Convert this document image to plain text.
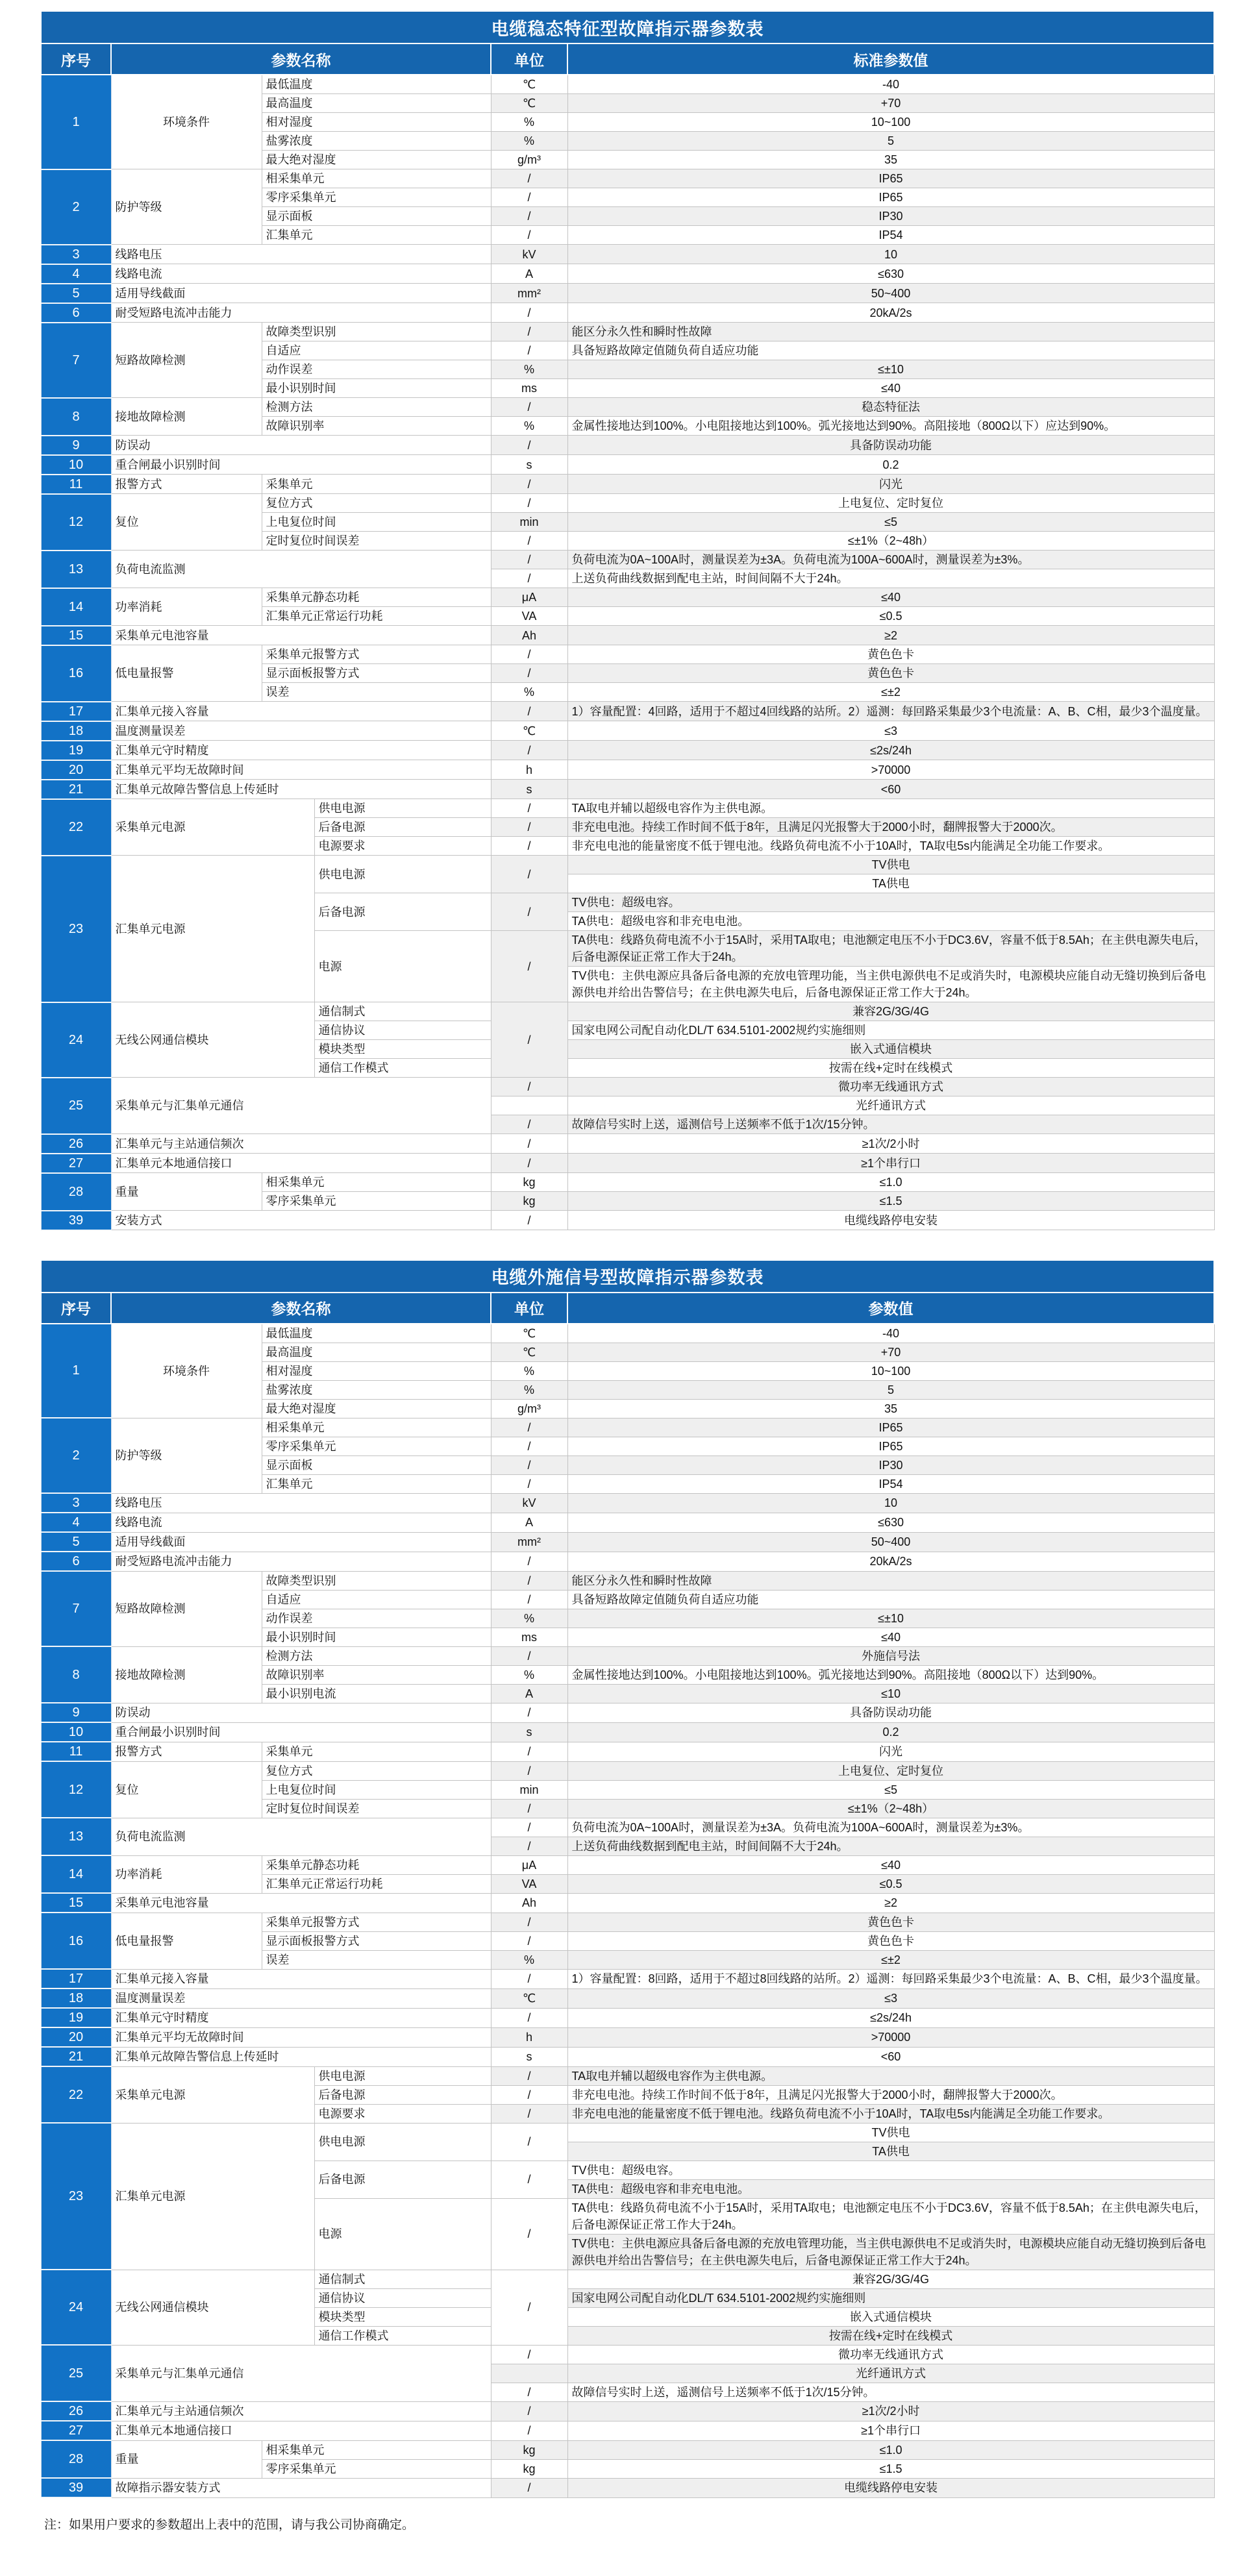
电缆稳态特征型故障指示器参数表					
序号	参数名称			单位	标准参数值
1	环境条件	最低温度		℃	-40
		最高温度		℃	+70
		相对湿度		%	10~100
		盐雾浓度		%	5
		最大绝对湿度		g/m³	35
2	防护等级	相采集单元		/	IP65
		零序采集单元		/	IP65
		显示面板		/	IP30
		汇集单元		/	IP54
3	线路电压			kV	10
4	线路电流			A	≤630
5	适用导线截面			mm²	50~400
6	耐受短路电流冲击能力			/	20kA/2s
7	短路故障检测	故障类型识别		/	能区分永久性和瞬时性故障
		自适应		/	具备短路故障定值随负荷自适应功能
		动作误差		%	≤±10
		最小识别时间		ms	≤40
8	接地故障检测	检测方法		/	稳态特征法
		故障识别率		%	金属性接地达到100%。小电阻接地达到100%。弧光接地达到90%。高阻接地（800Ω以下）应达到90%。
9	防误动			/	具备防误动功能
10	重合闸最小识别时间			s	0.2
11	报警方式	采集单元		/	闪光
12	复位	复位方式		/	上电复位、定时复位
		上电复位时间		min	≤5
		定时复位时间误差		/	≤±1%（2~48h）
13	负荷电流监测			/	负荷电流为0A~100A时，测量误差为±3A。负荷电流为100A~600A时，测量误差为±3%。
				/	上送负荷曲线数据到配电主站，时间间隔不大于24h。
14	功率消耗	采集单元静态功耗		μA	≤40
		汇集单元正常运行功耗		VA	≤0.5
15	采集单元电池容量			Ah	≥2
16	低电量报警	采集单元报警方式		/	黄色色卡
		显示面板报警方式		/	黄色色卡
		误差		%	≤±2
17	汇集单元接入容量			/	1）容量配置：4回路，适用于不超过4回线路的站所。2）遥测：每回路采集最少3个电流量：A、B、C相，最少3个温度量。
18	温度测量误差			℃	≤3
19	汇集单元守时精度			/	≤2s/24h
20	汇集单元平均无故障时间			h	>70000
21	汇集单元故障告警信息上传延时			s	<60
22	采集单元电源		供电电源	/	TA取电并辅以超级电容作为主供电源。
			后备电源	/	非充电电池。持续工作时间不低于8年，且满足闪光报警大于2000小时，翻牌报警大于2000次。
			电源要求	/	非充电电池的能量密度不低于锂电池。线路负荷电流不小于10A时，TA取电5s内能满足全功能工作要求。
23	汇集单元电源		供电电源	/	TV供电
					TA供电
			后备电源	/	TV供电：超级电容。
					TA供电：超级电容和非充电电池。
			电源	/	TA供电：线路负荷电流不小于15A时，采用TA取电；电池额定电压不小于DC3.6V，容量不低于8.5Ah；在主供电源失电后，后备电源保证正常工作大于24h。
					TV供电：主供电源应具备后备电源的充放电管理功能，当主供电源供电不足或消失时，电源模块应能自动无缝切换到后备电源供电并给出告警信号；在主供电源失电后，后备电源保证正常工作大于24h。
24	无线公网通信模块		通信制式	/	兼容2G/3G/4G
			通信协议		国家电网公司配自动化DL/T 634.5101-2002规约实施细则
			模块类型		嵌入式通信模块
			通信工作模式		按需在线+定时在线模式
25	采集单元与汇集单元通信			/	微功率无线通讯方式
					光纤通讯方式
				/	故障信号实时上送，遥测信号上送频率不低于1次/15分钟。
26	汇集单元与主站通信频次			/	≥1次/2小时
27	汇集单元本地通信接口			/	≥1个串行口
28	重量	相采集单元		kg	≤1.0
		零序采集单元		kg	≤1.5
39	安装方式			/	电缆线路停电安装
电缆外施信号型故障指示器参数表					
序号	参数名称			单位	参数值
1	环境条件	最低温度		℃	-40
		最高温度		℃	+70
		相对湿度		%	10~100
		盐雾浓度		%	5
		最大绝对湿度		g/m³	35
2	防护等级	相采集单元		/	IP65
		零序采集单元		/	IP65
		显示面板		/	IP30
		汇集单元		/	IP54
3	线路电压			kV	10
4	线路电流			A	≤630
5	适用导线截面			mm²	50~400
6	耐受短路电流冲击能力			/	20kA/2s
7	短路故障检测	故障类型识别		/	能区分永久性和瞬时性故障
		自适应		/	具备短路故障定值随负荷自适应功能
		动作误差		%	≤±10
		最小识别时间		ms	≤40
8	接地故障检测	检测方法		/	外施信号法
		故障识别率		%	金属性接地达到100%。小电阻接地达到100%。弧光接地达到90%。高阻接地（800Ω以下）达到90%。
		最小识别电流		A	≤10
9	防误动			/	具备防误动功能
10	重合闸最小识别时间			s	0.2
11	报警方式	采集单元		/	闪光
12	复位	复位方式		/	上电复位、定时复位
		上电复位时间		min	≤5
		定时复位时间误差		/	≤±1%（2~48h）
13	负荷电流监测			/	负荷电流为0A~100A时，测量误差为±3A。负荷电流为100A~600A时，测量误差为±3%。
				/	上送负荷曲线数据到配电主站，时间间隔不大于24h。
14	功率消耗	采集单元静态功耗		μA	≤40
		汇集单元正常运行功耗		VA	≤0.5
15	采集单元电池容量			Ah	≥2
16	低电量报警	采集单元报警方式		/	黄色色卡
		显示面板报警方式		/	黄色色卡
		误差		%	≤±2
17	汇集单元接入容量			/	1）容量配置：8回路，适用于不超过8回线路的站所。2）遥测：每回路采集最少3个电流量：A、B、C相，最少3个温度量。
18	温度测量误差			℃	≤3
19	汇集单元守时精度			/	≤2s/24h
20	汇集单元平均无故障时间			h	>70000
21	汇集单元故障告警信息上传延时			s	<60
22	采集单元电源		供电电源	/	TA取电并辅以超级电容作为主供电源。
			后备电源	/	非充电电池。持续工作时间不低于8年，且满足闪光报警大于2000小时，翻牌报警大于2000次。
			电源要求	/	非充电电池的能量密度不低于锂电池。线路负荷电流不小于10A时，TA取电5s内能满足全功能工作要求。
23	汇集单元电源		供电电源	/	TV供电
					TA供电
			后备电源	/	TV供电：超级电容。
					TA供电：超级电容和非充电电池。
			电源	/	TA供电：线路负荷电流不小于15A时，采用TA取电；电池额定电压不小于DC3.6V，容量不低于8.5Ah；在主供电源失电后，后备电源保证正常工作大于24h。
					TV供电：主供电源应具备后备电源的充放电管理功能，当主供电源供电不足或消失时，电源模块应能自动无缝切换到后备电源供电并给出告警信号；在主供电源失电后，后备电源保证正常工作大于24h。
24	无线公网通信模块		通信制式	/	兼容2G/3G/4G
			通信协议		国家电网公司配自动化DL/T 634.5101-2002规约实施细则
			模块类型		嵌入式通信模块
			通信工作模式		按需在线+定时在线模式
25	采集单元与汇集单元通信			/	微功率无线通讯方式
					光纤通讯方式
				/	故障信号实时上送，遥测信号上送频率不低于1次/15分钟。
26	汇集单元与主站通信频次			/	≥1次/2小时
27	汇集单元本地通信接口			/	≥1个串行口
28	重量	相采集单元		kg	≤1.0
		零序采集单元		kg	≤1.5
39	故障指示器安装方式			/	电缆线路停电安装
注：如果用户要求的参数超出上表中的范围，请与我公司协商确定。
